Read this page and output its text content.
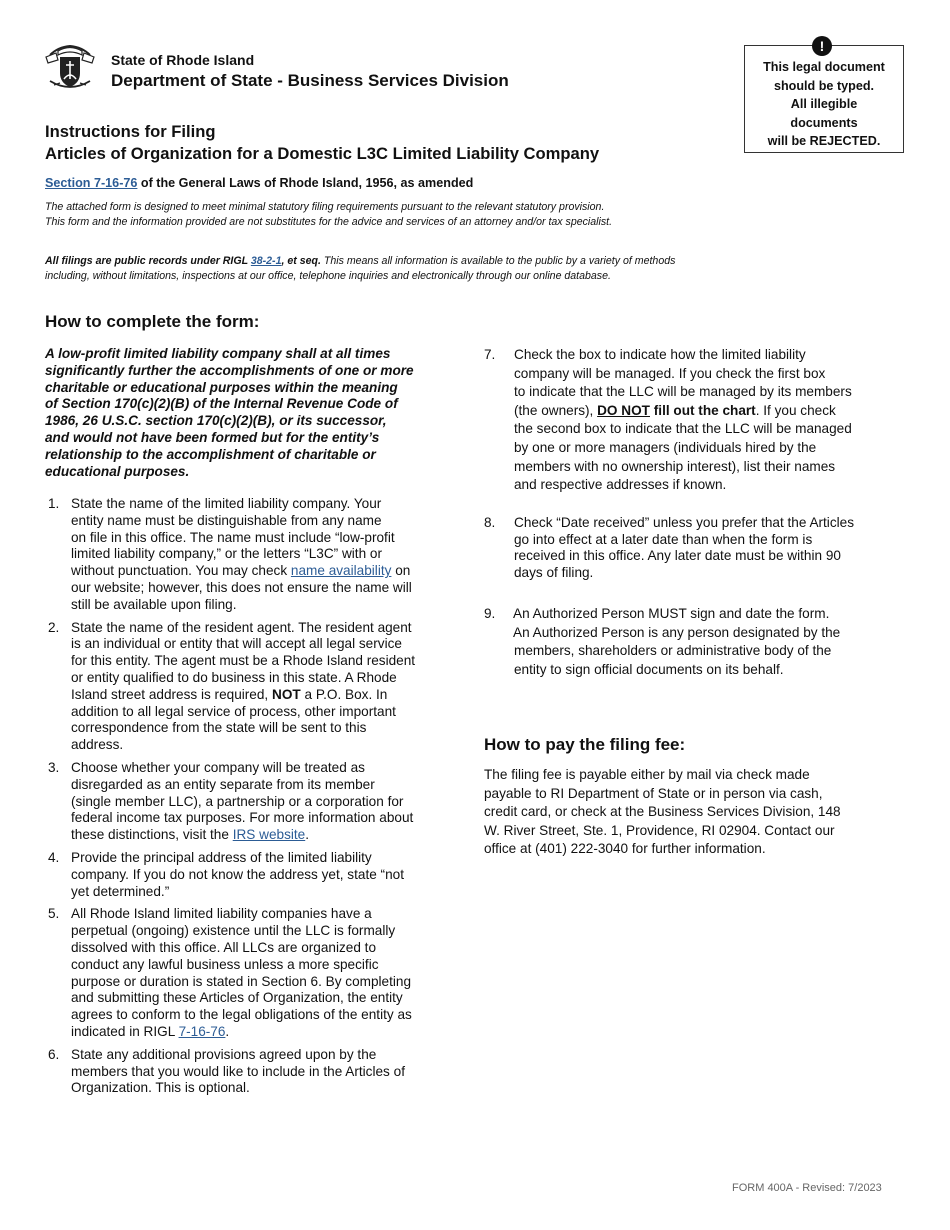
State of Rhode Island
Department of State - Business Services Division
This legal document
should be typed.
All illegible
documents
will be REJECTED.
!
Instructions for Filing
Articles of Organization for a Domestic L3C Limited Liability Company
Section 7-16-76 of the General Laws of Rhode Island, 1956, as amended
The attached form is designed to meet minimal statutory filing requirements pursuant to the relevant statutory provision.
This form and the information provided are not substitutes for the advice and services of an attorney and/or tax specialist.
All filings are public records under RIGL 38-2-1, et seq. This means all information is available to the public by a variety of methods
including, without limitations, inspections at our office, telephone inquiries and electronically through our online database.
How to complete the form:
A low-profit limited liability company shall at all times
significantly further the accomplishments of one or more
charitable or educational purposes within the meaning
of Section 170(c)(2)(B) of the Internal Revenue Code of
1986, 26 U.S.C. section 170(c)(2)(B), or its successor,
and would not have been formed but for the entity’s
relationship to the accomplishment of charitable or
educational purposes.
1. State the name of the limited liability company. Your
entity name must be distinguishable from any name
on file in this office. The name must include “low-profit
limited liability company,” or the letters “L3C” with or
without punctuation. You may check name availability on
our website; however, this does not ensure the name will
still be available upon filing.
2. State the name of the resident agent. The resident agent
is an individual or entity that will accept all legal service
for this entity. The agent must be a Rhode Island resident
or entity qualified to do business in this state. A Rhode
Island street address is required, NOT a P.O. Box. In
addition to all legal service of process, other important
correspondence from the state will be sent to this
address.
3. Choose whether your company will be treated as
disregarded as an entity separate from its member
(single member LLC), a partnership or a corporation for
federal income tax purposes. For more information about
these distinctions, visit the IRS website.
4. Provide the principal address of the limited liability
company. If you do not know the address yet, state “not
yet determined.”
5. All Rhode Island limited liability companies have a
perpetual (ongoing) existence until the LLC is formally
dissolved with this office. All LLCs are organized to
conduct any lawful business unless a more specific
purpose or duration is stated in Section 6. By completing
and submitting these Articles of Organization, the entity
agrees to conform to the legal obligations of the entity as
indicated in RIGL 7-16-76.
6. State any additional provisions agreed upon by the
members that you would like to include in the Articles of
Organization. This is optional.
7. Check the box to indicate how the limited liability
company will be managed. If you check the first box
to indicate that the LLC will be managed by its members
(the owners), DO NOT fill out the chart. If you check
the second box to indicate that the LLC will be managed
by one or more managers (individuals hired by the
members with no ownership interest), list their names
and respective addresses if known.
8. Check “Date received” unless you prefer that the Articles
go into effect at a later date than when the form is
received in this office. Any later date must be within 90
days of filing.
9. An Authorized Person MUST sign and date the form.
An Authorized Person is any person designated by the
members, shareholders or administrative body of the
entity to sign official documents on its behalf.
How to pay the filing fee:
The filing fee is payable either by mail via check made
payable to RI Department of State or in person via cash,
credit card, or check at the Business Services Division, 148
W. River Street, Ste. 1, Providence, RI 02904. Contact our
office at (401) 222-3040 for further information.
FORM 400A - Revised: 7/2023
